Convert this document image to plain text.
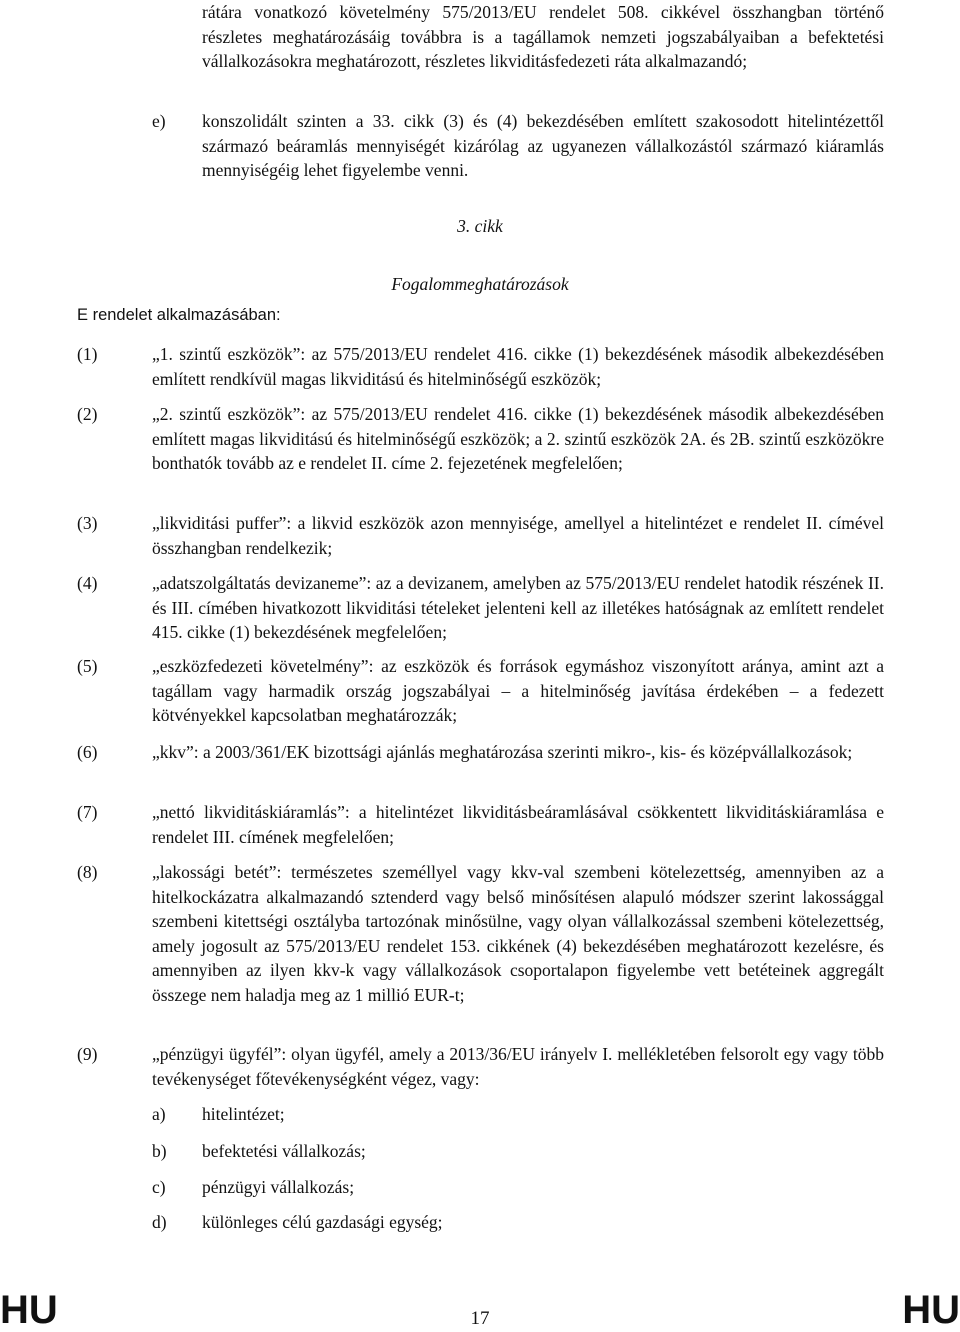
rátára vonatkozó követelmény 575/2013/EU rendelet 508. cikkével összhangban történő részletes meghatározásáig továbbra is a tagállamok nemzeti jogszabályaiban a befektetési vállalkozásokra meghatározott, részletes likviditásfedezeti ráta alkalmazandó;
e) konszolidált szinten a 33. cikk (3) és (4) bekezdésében említett szakosodott hitelintézettől származó beáramlás mennyiségét kizárólag az ugyanezen vállalkozástól származó kiáramlás mennyiségéig lehet figyelembe venni.
3. cikk
Fogalommeghatározások
E rendelet alkalmazásában:
(1)	„1. szintű eszközök”: az 575/2013/EU rendelet 416. cikke (1) bekezdésének második albekezdésében említett rendkívül magas likviditású és hitelminőségű eszközök;
(2)	„2. szintű eszközök”: az 575/2013/EU rendelet 416. cikke (1) bekezdésének második albekezdésében említett magas likviditású és hitelminőségű eszközök; a 2. szintű eszközök 2A. és 2B. szintű eszközökre bonthatók tovább az e rendelet II. címe 2. fejezetének megfelelően;
(3)	„likviditási puffer”: a likvid eszközök azon mennyisége, amellyel a hitelintézet e rendelet II. címével összhangban rendelkezik;
(4)	„adatszolgáltatás devizaneme”: az a devizanem, amelyben az 575/2013/EU rendelet hatodik részének II. és III. címében hivatkozott likviditási tételeket jelenteni kell az illetékes hatóságnak az említett rendelet 415. cikke (1) bekezdésének megfelelően;
(5)	„eszközfedezeti követelmény”: az eszközök és források egymáshoz viszonyított aránya, amint azt a tagállam vagy harmadik ország jogszabályai – a hitelminőség javítása érdekében – a fedezett kötvényekkel kapcsolatban meghatározzák;
(6)	„kkv”: a 2003/361/EK bizottsági ajánlás meghatározása szerinti mikro-, kis- és középvállalkozások;
(7)	„nettó likviditáskiáramlás”: a hitelintézet likviditásbeáramlásával csökkentett likviditáskiáramlása e rendelet III. címének megfelelően;
(8)	„lakossági betét”: természetes személlyel vagy kkv-val szembeni kötelezettség, amennyiben az a hitelkockázatra alkalmazandó sztenderd vagy belső minősítésen alapuló módszer szerint lakossággal szembeni kitettségi osztályba tartozónak minősülne, vagy olyan vállalkozással szembeni kötelezettség, amely jogosult az 575/2013/EU rendelet 153. cikkének (4) bekezdésében meghatározott kezelésre, és amennyiben az ilyen kkv-k vagy vállalkozások csoportalapon figyelembe vett betéteinek aggregált összege nem haladja meg az 1 millió EUR-t;
(9)	„pénzügyi ügyfél”: olyan ügyfél, amely a 2013/36/EU irányelv I. mellékletében felsorolt egy vagy több tevékenységet főtevékenységként végez, vagy:
a) hitelintézet;
b) befektetési vállalkozás;
c) pénzügyi vállalkozás;
d) különleges célú gazdasági egység;
HU	17	HU
